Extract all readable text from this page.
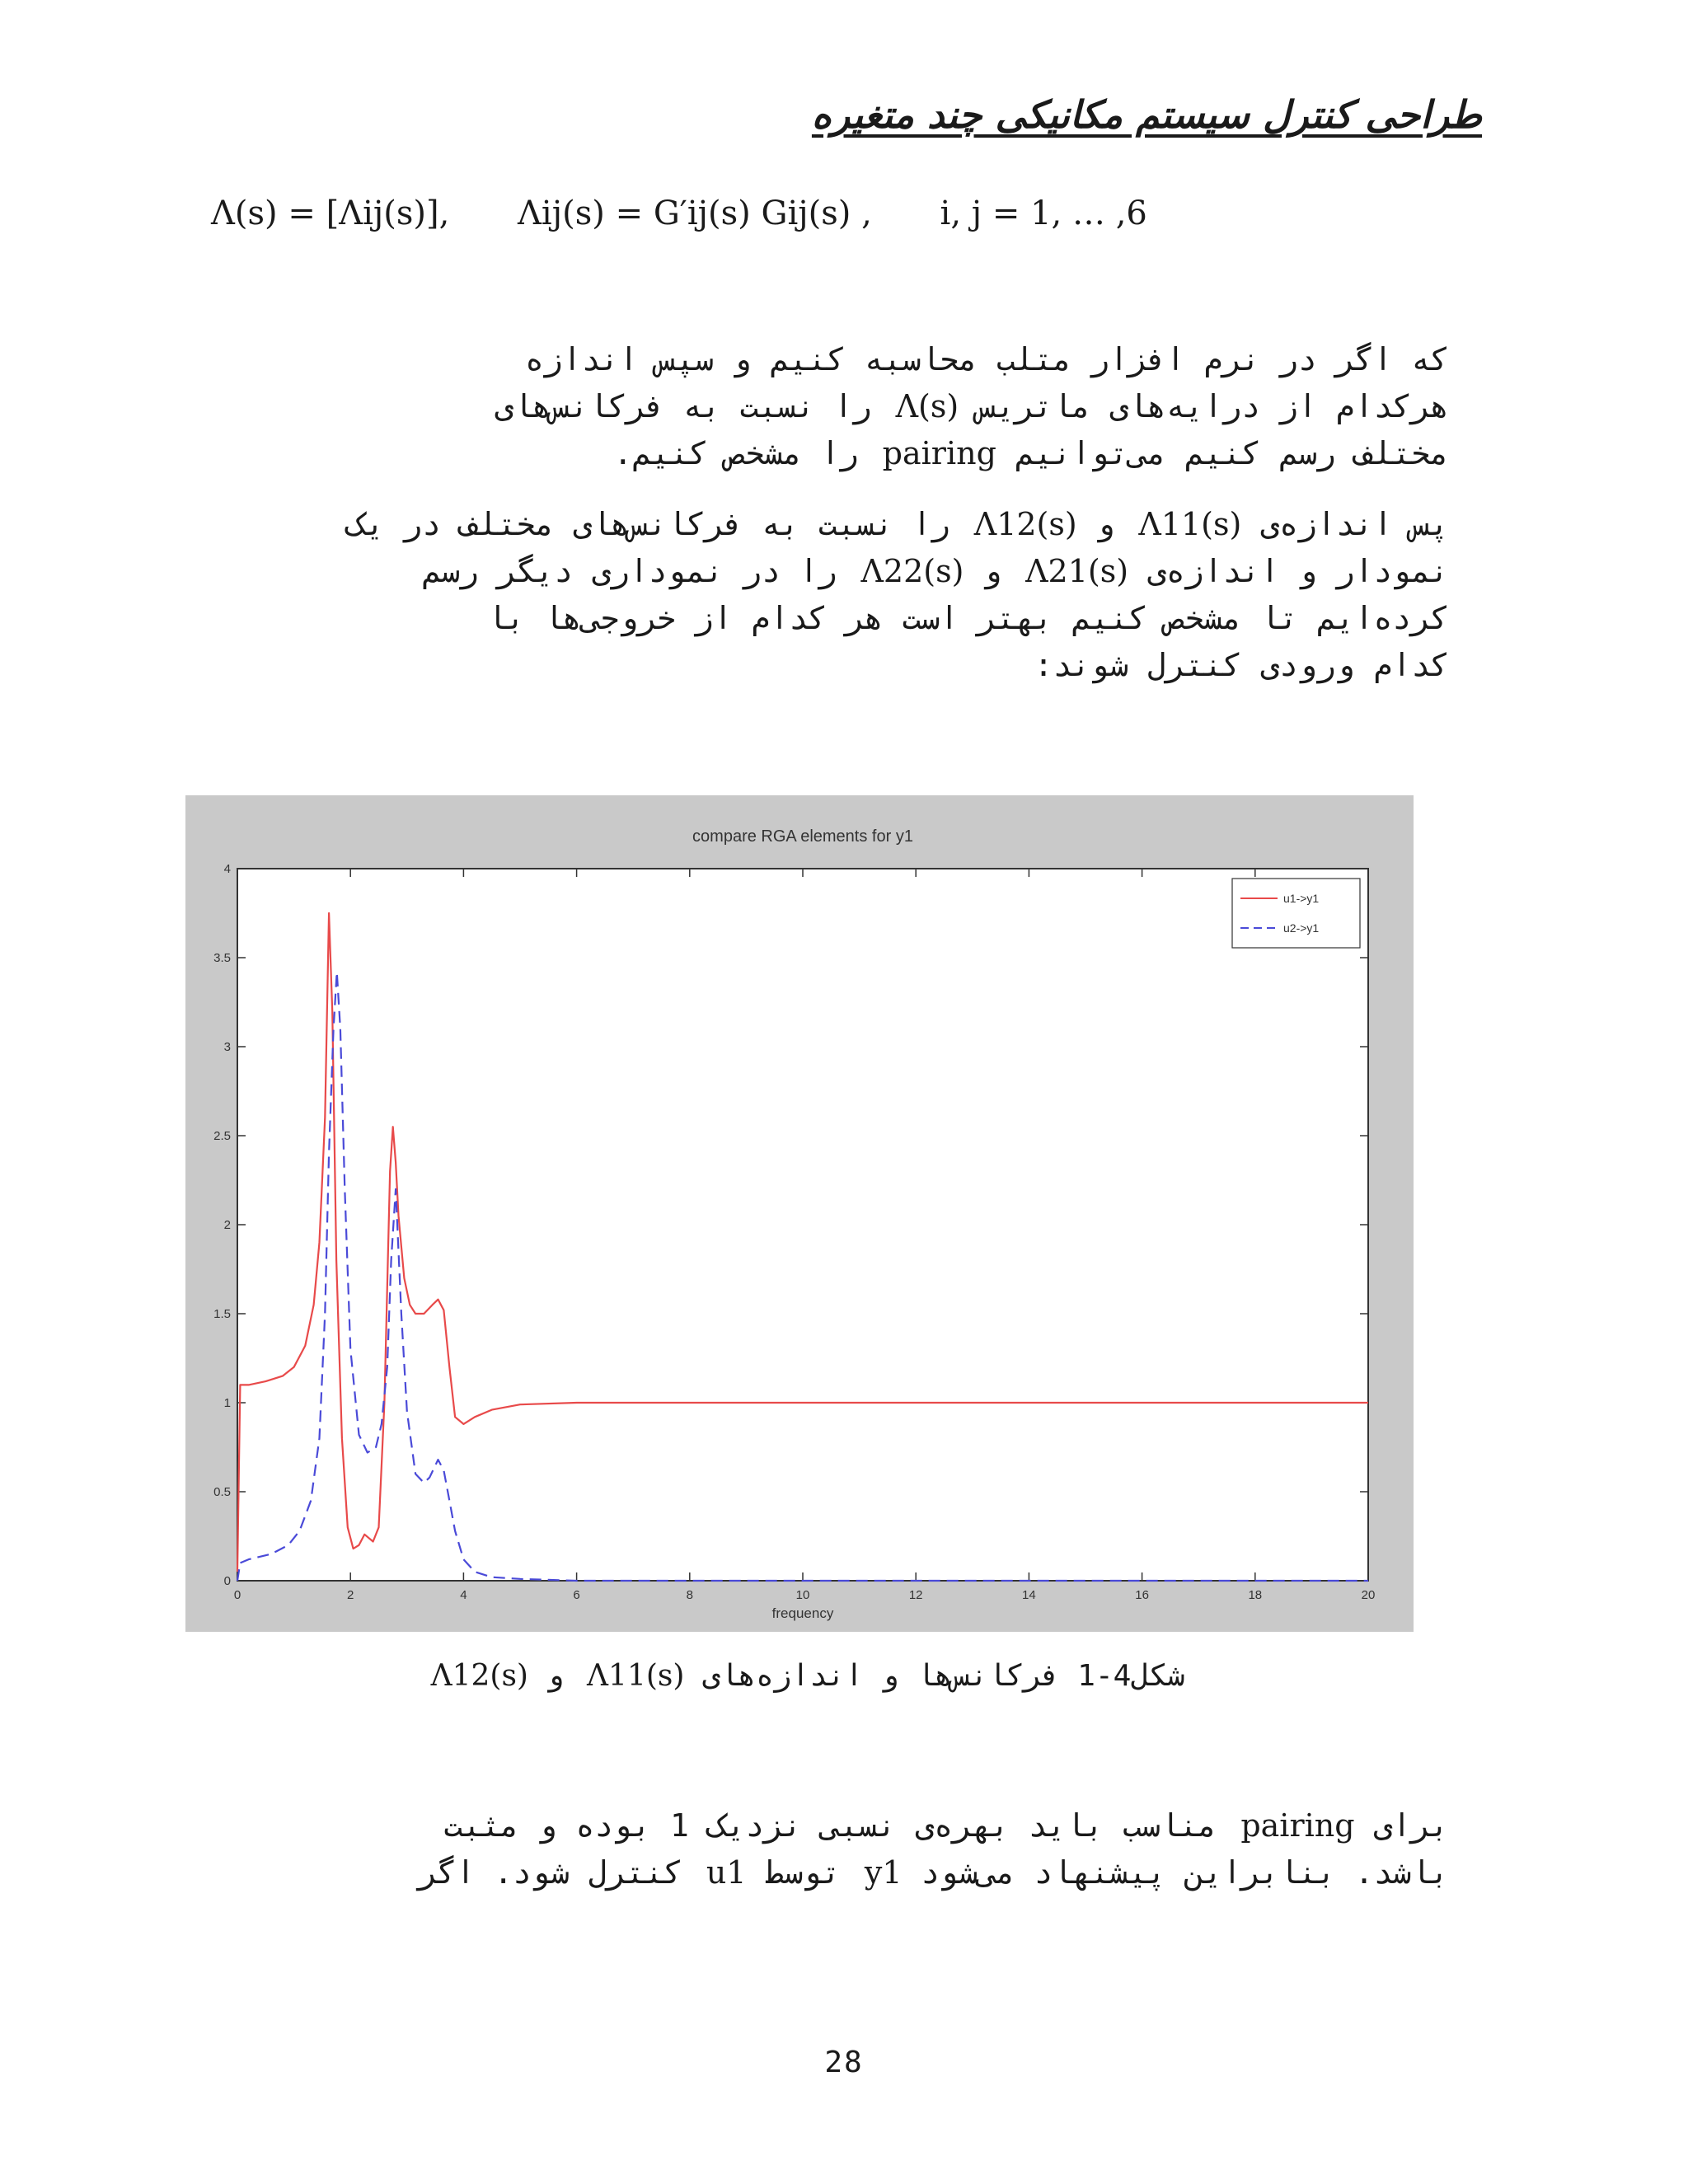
طراحی کنترل سیستم مکانیکی چند متغیره
Λ(s) = [Λij(s)], Λij(s) = G′ij(s) Gij(s) , i, j = 1, … ,6
که اگر در نرم افزار متلب محاسبه کنیم و سپس اندازه
هرکدام از درایه‌های ماتریس Λ(s) را نسبت به فرکانس‌های
مختلف رسم کنیم می‌توانیم pairing را مشخص کنیم.
پس اندازه‌ی Λ11(s) و Λ12(s) را نسبت به فرکانس‌های مختلف در یک
نمودار و اندازه‌ی Λ21(s) و Λ22(s) را در نموداری دیگر رسم
کرده‌ایم تا مشخص کنیم بهتر است هر کدام از خروجی‌ها با
کدام ورودی کنترل شوند:
compare RGA elements for y1
0	2	4	6	8	10	12	14	16	18	20
0
0.5
1
1.5
2
2.5
3
3.5
4
frequency
u1->y1
u2->y1
شکل4-1 فرکانس‌ها و اندازه‌های Λ11(s) و Λ12(s)
برای pairing مناسب باید بهره‌ی نسبی نزدیک 1 بوده و مثبت
باشد. بنابراین پیشنهاد می‌شود y1 توسط u1 کنترل شود. اگر
28
